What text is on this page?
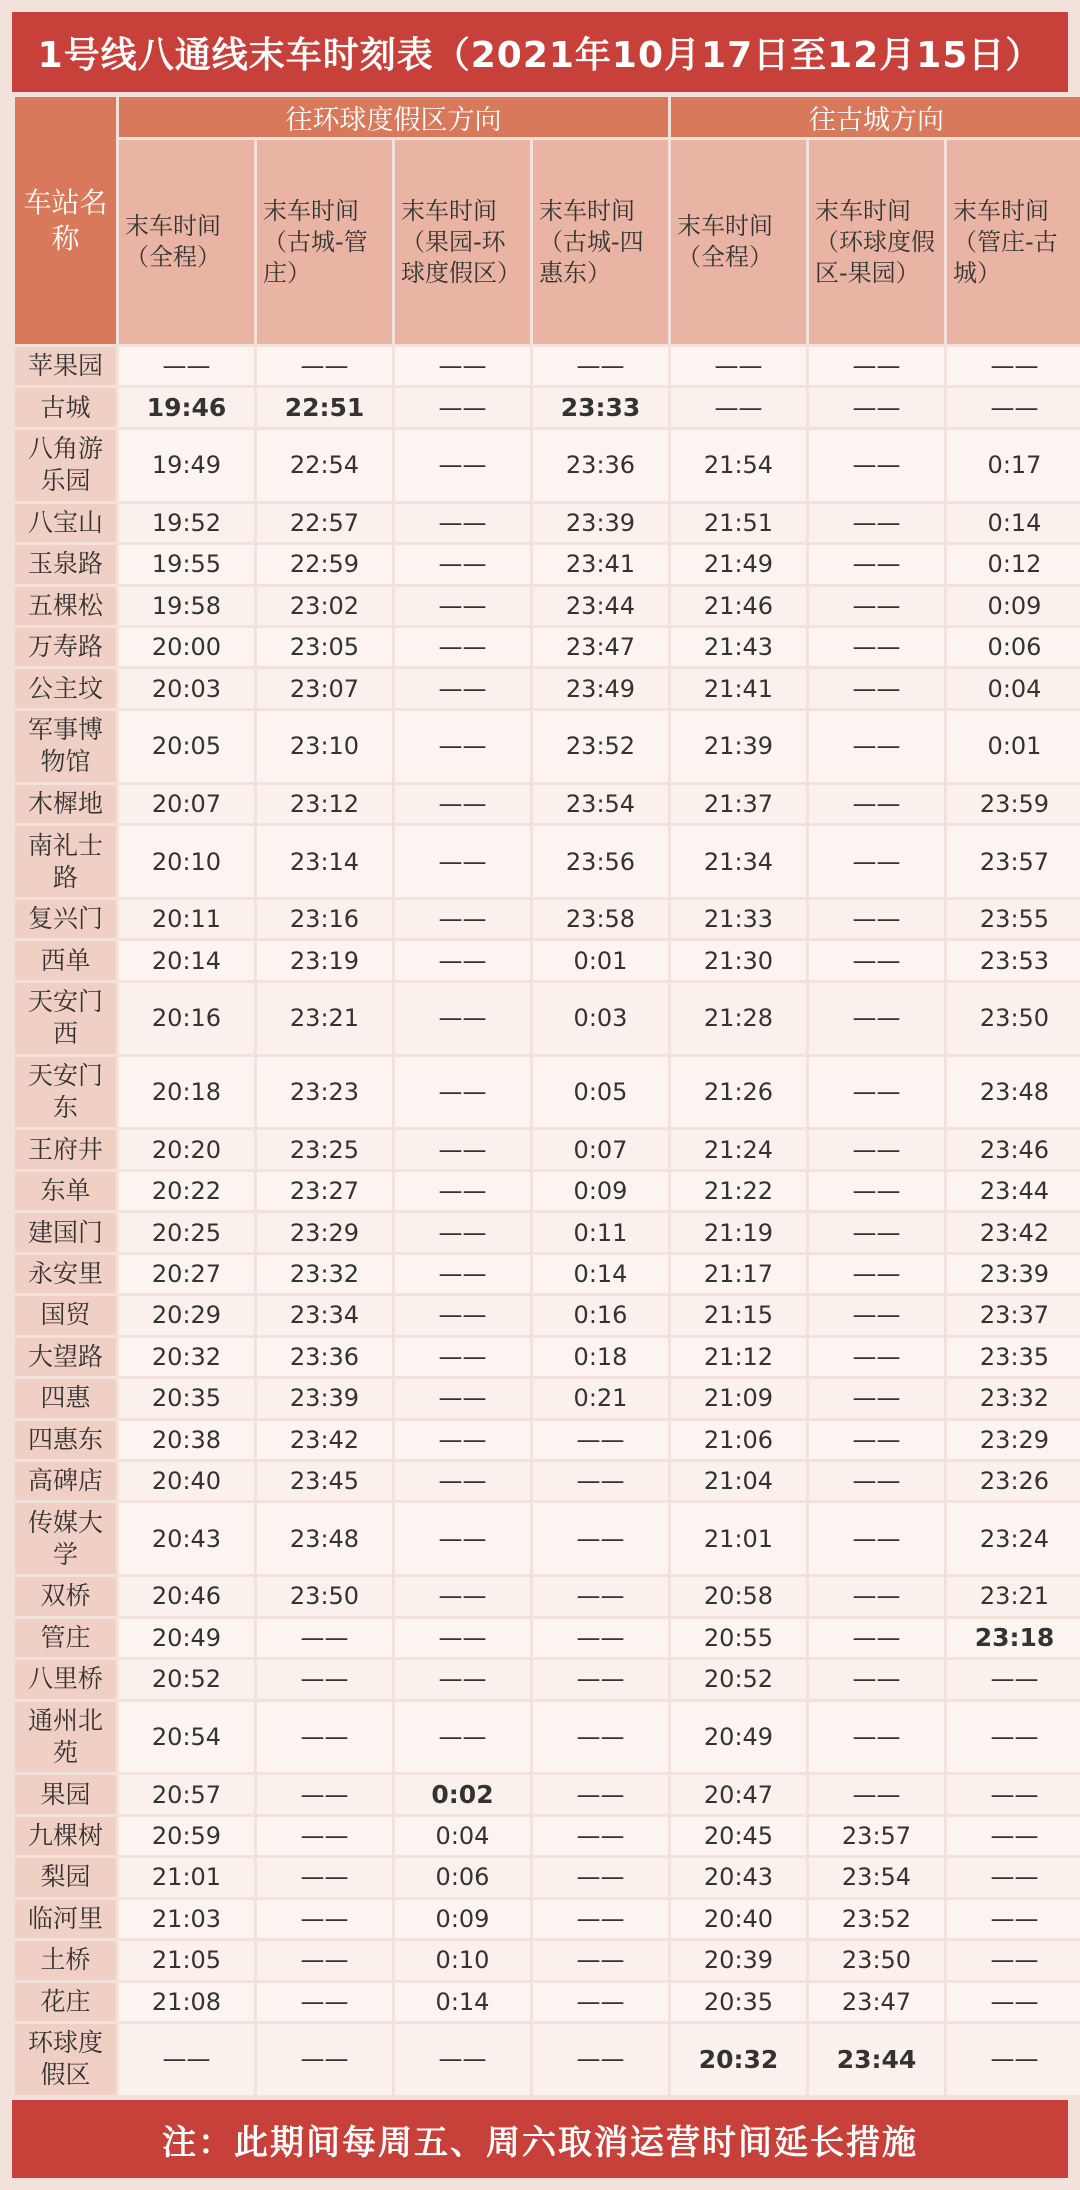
1号线八通线末车时刻表（2021年10月17日至12月15日）
车站名称	往环球度假区方向				往古城方向		
	末车时间（全程）	末车时间（古城-管庄）	末车时间（果园-环球度假区）	末车时间（古城-四惠东）	末车时间（全程）	末车时间（环球度假区-果园）	末车时间（管庄-古城）
苹果园	——	——	——	——	——	——	——
古城	19:46	22:51	——	23:33	——	——	——
八角游乐园	19:49	22:54	——	23:36	21:54	——	0:17
八宝山	19:52	22:57	——	23:39	21:51	——	0:14
玉泉路	19:55	22:59	——	23:41	21:49	——	0:12
五棵松	19:58	23:02	——	23:44	21:46	——	0:09
万寿路	20:00	23:05	——	23:47	21:43	——	0:06
公主坟	20:03	23:07	——	23:49	21:41	——	0:04
军事博物馆	20:05	23:10	——	23:52	21:39	——	0:01
木樨地	20:07	23:12	——	23:54	21:37	——	23:59
南礼士路	20:10	23:14	——	23:56	21:34	——	23:57
复兴门	20:11	23:16	——	23:58	21:33	——	23:55
西单	20:14	23:19	——	0:01	21:30	——	23:53
天安门西	20:16	23:21	——	0:03	21:28	——	23:50
天安门东	20:18	23:23	——	0:05	21:26	——	23:48
王府井	20:20	23:25	——	0:07	21:24	——	23:46
东单	20:22	23:27	——	0:09	21:22	——	23:44
建国门	20:25	23:29	——	0:11	21:19	——	23:42
永安里	20:27	23:32	——	0:14	21:17	——	23:39
国贸	20:29	23:34	——	0:16	21:15	——	23:37
大望路	20:32	23:36	——	0:18	21:12	——	23:35
四惠	20:35	23:39	——	0:21	21:09	——	23:32
四惠东	20:38	23:42	——	——	21:06	——	23:29
高碑店	20:40	23:45	——	——	21:04	——	23:26
传媒大学	20:43	23:48	——	——	21:01	——	23:24
双桥	20:46	23:50	——	——	20:58	——	23:21
管庄	20:49	——	——	——	20:55	——	23:18
八里桥	20:52	——	——	——	20:52	——	——
通州北苑	20:54	——	——	——	20:49	——	——
果园	20:57	——	0:02	——	20:47	——	——
九棵树	20:59	——	0:04	——	20:45	23:57	——
梨园	21:01	——	0:06	——	20:43	23:54	——
临河里	21:03	——	0:09	——	20:40	23:52	——
土桥	21:05	——	0:10	——	20:39	23:50	——
花庄	21:08	——	0:14	——	20:35	23:47	——
环球度假区	——	——	——	——	20:32	23:44	——
注：此期间每周五、周六取消运营时间延长措施
